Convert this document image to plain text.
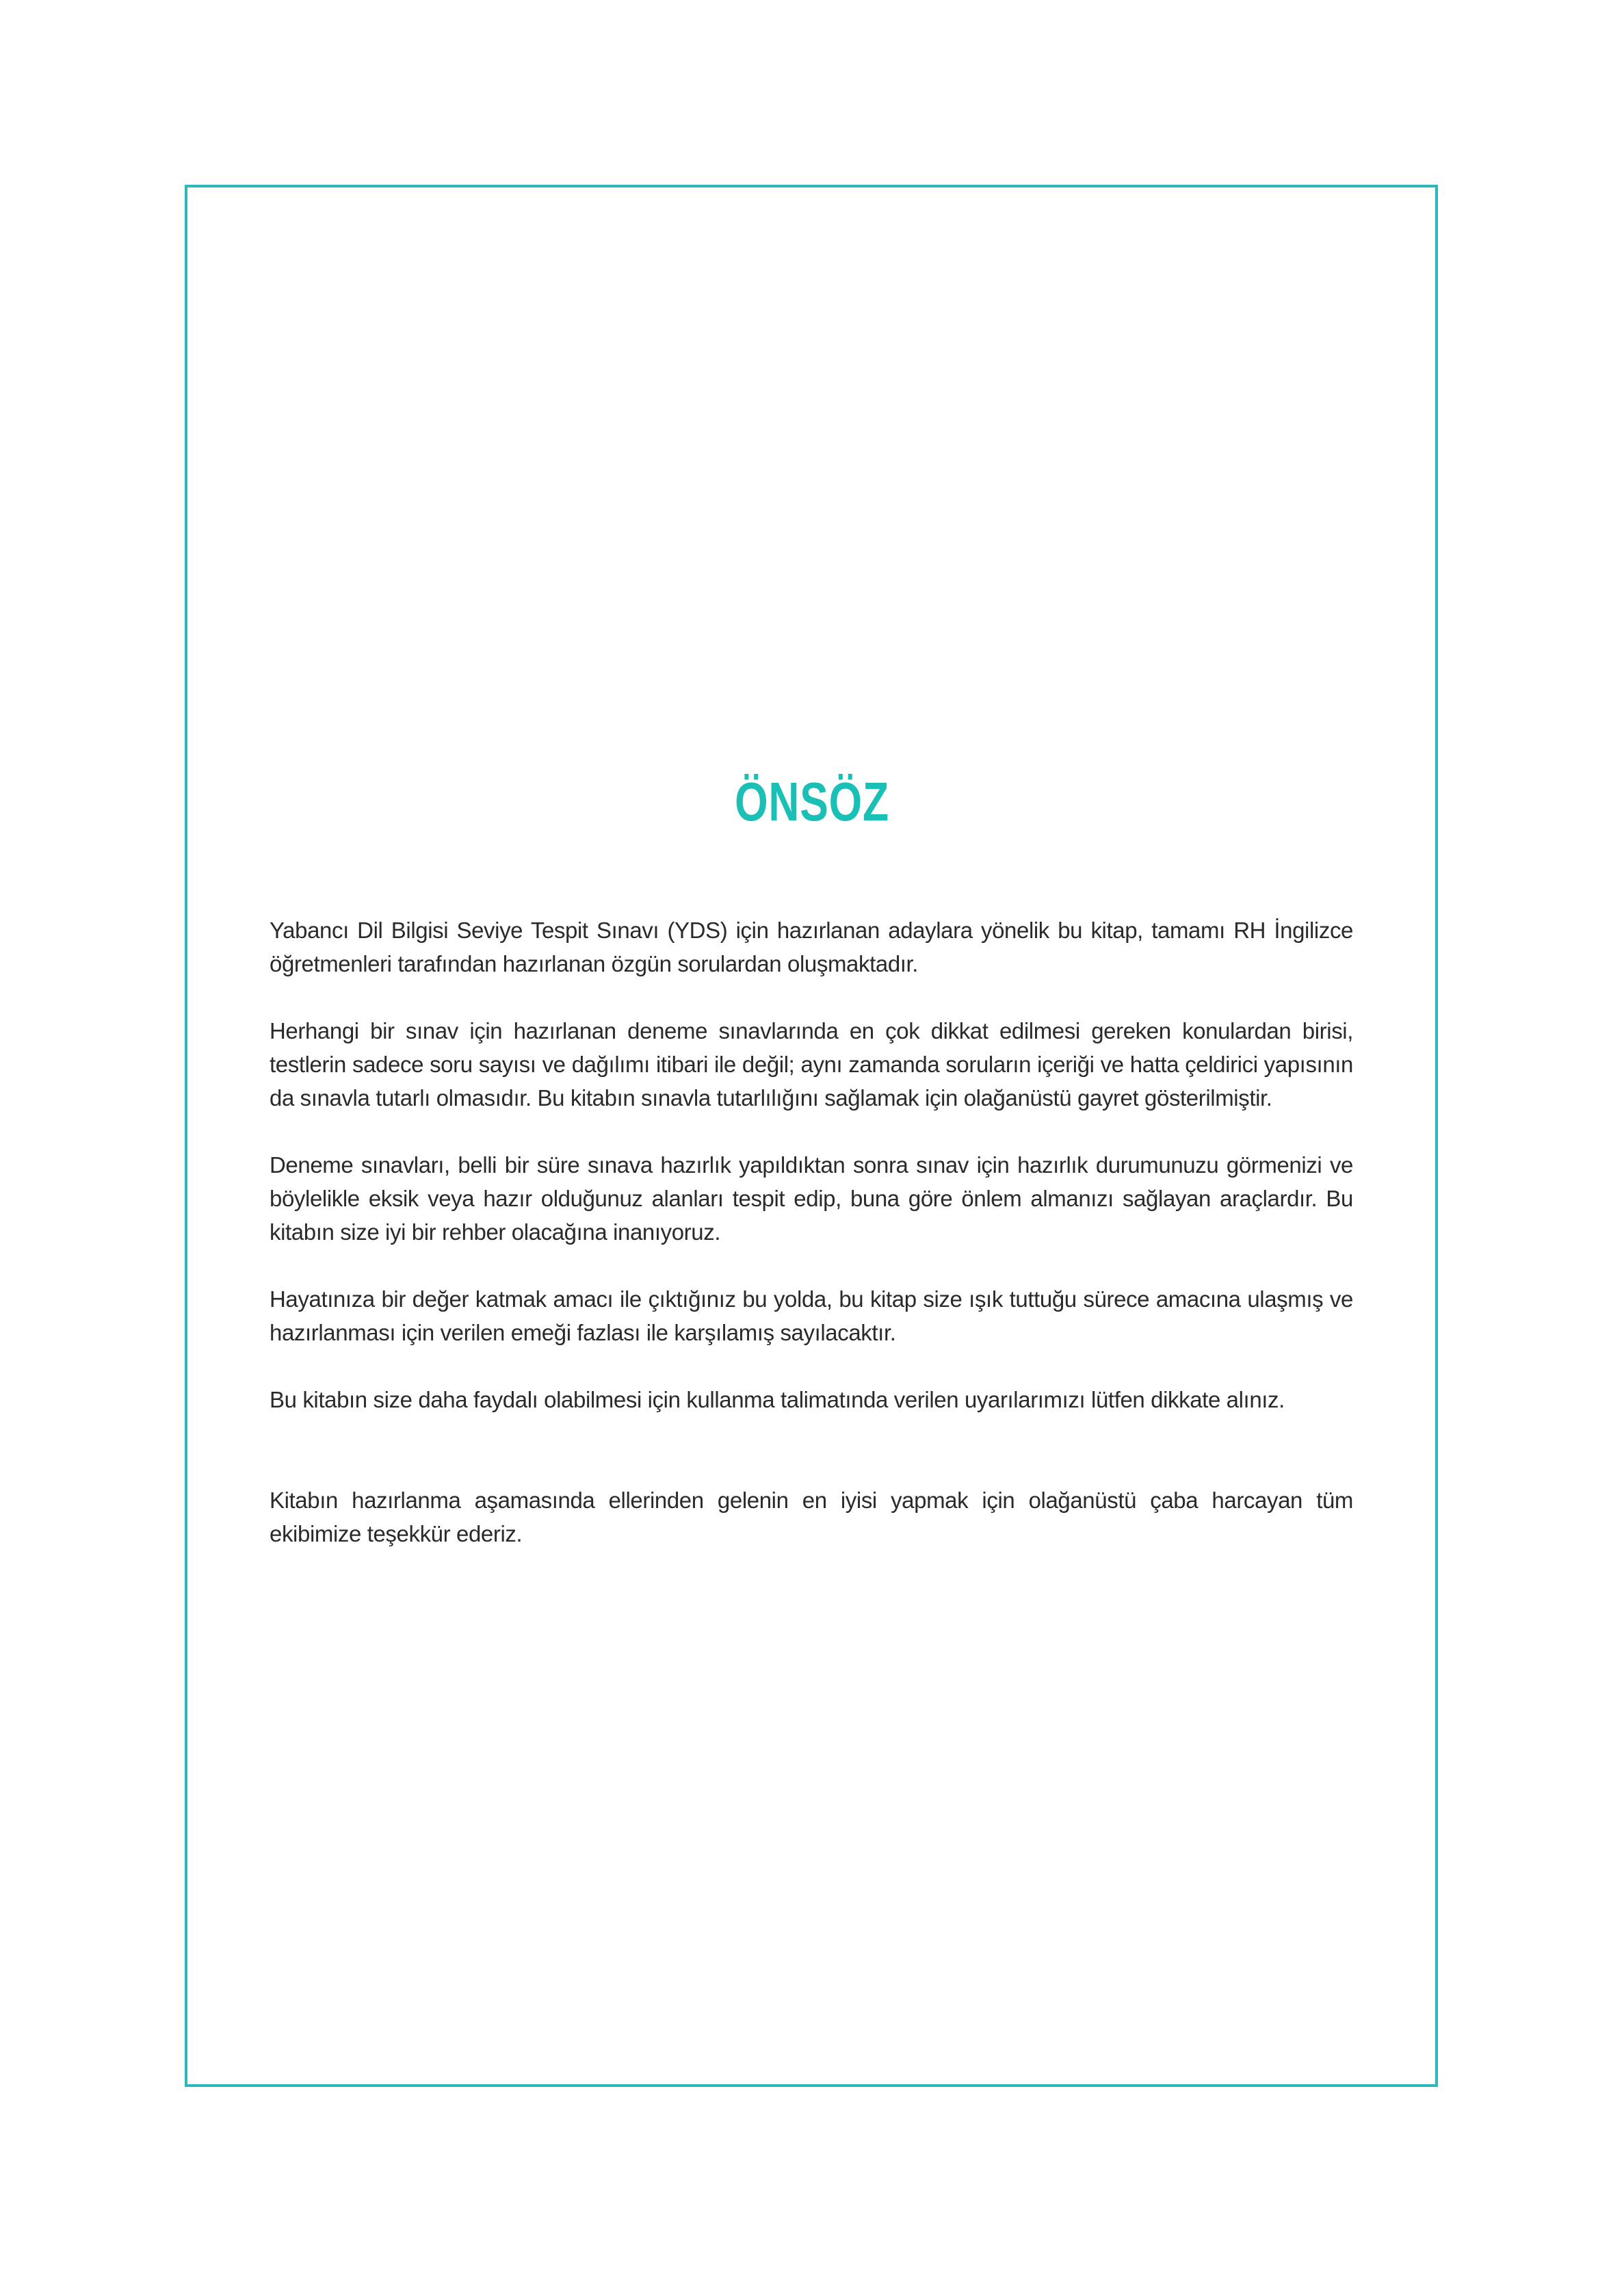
ÖNSÖZ

Yabancı Dil Bilgisi Seviye Tespit Sınavı (YDS) için hazırlanan adaylara yönelik bu kitap, tamamı RH İngilizce öğretmenleri tarafından hazırlanan özgün sorulardan oluşmaktadır.

Herhangi bir sınav için hazırlanan deneme sınavlarında en çok dikkat edilmesi gereken konulardan birisi, testlerin sadece soru sayısı ve dağılımı itibari ile değil; aynı zamanda soruların içeriği ve hatta çeldirici yapısının da sınavla tutarlı olmasıdır. Bu kitabın sınavla tutarlılığını sağlamak için olağanüstü gayret gösterilmiştir.

Deneme sınavları, belli bir süre sınava hazırlık yapıldıktan sonra sınav için hazırlık durumunuzu görmenizi ve böylelikle eksik veya hazır olduğunuz alanları tespit edip, buna göre önlem almanızı sağlayan araçlardır. Bu kitabın size iyi bir rehber olacağına inanıyoruz.

Hayatınıza bir değer katmak amacı ile çıktığınız bu yolda, bu kitap size ışık tuttuğu sürece amacına ulaşmış ve hazırlanması için verilen emeği fazlası ile karşılamış sayılacaktır.

Bu kitabın size daha faydalı olabilmesi için kullanma talimatında verilen uyarılarımızı lütfen dikkate alınız.

Kitabın hazırlanma aşamasında ellerinden gelenin en iyisi yapmak için olağanüstü çaba harcayan tüm ekibimize teşekkür ederiz.
